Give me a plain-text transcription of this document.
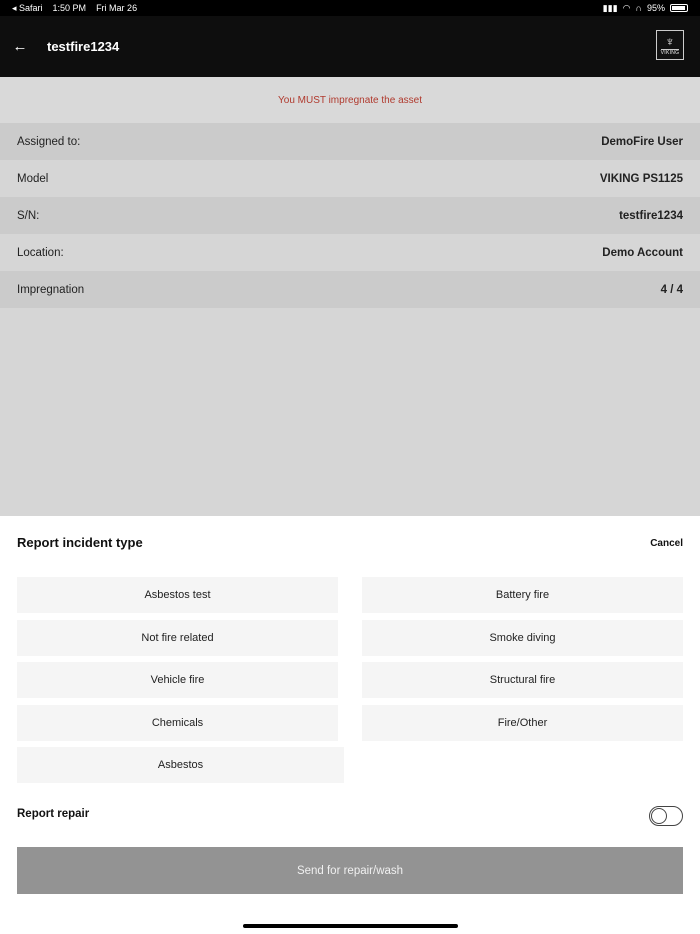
◂ Safari 1:50 PM Fri Mar 26	▮▮▮ ◠ ∩ 95%
← testfire1234	♆
VIKING
You MUST impregnate the asset
Assigned to:	DemoFire User
Model	VIKING PS1125
S/N:	testfire1234
Location:	Demo Account
Impregnation	4 / 4
Report incident type	Cancel
Asbestos test	Battery fire
Not fire related	Smoke diving
Vehicle fire	Structural fire
Chemicals	Fire/Other
Asbestos
Report repair
Send for repair/wash
